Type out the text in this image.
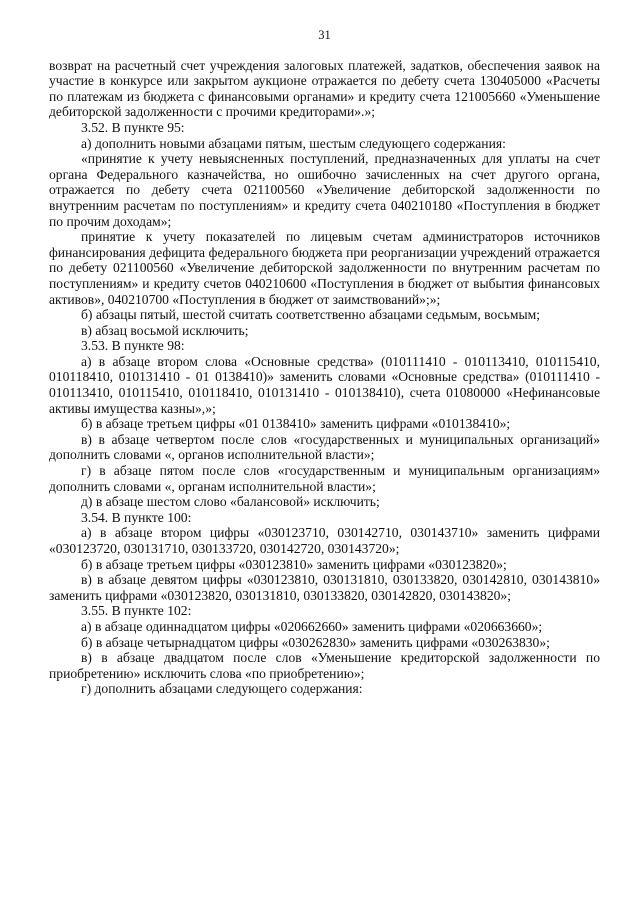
31

возврат на расчетный счет учреждения залоговых платежей, задатков, обеспечения заявок на участие в конкурсе или закрытом аукционе отражается по дебету счета 130405000 «Расчеты по платежам из бюджета с финансовыми органами» и кредиту счета 121005660 «Уменьшение дебиторской задолженности с прочими кредиторами».»;

3.52. В пункте 95:

а) дополнить новыми абзацами пятым, шестым следующего содержания:

«принятие к учету невыясненных поступлений, предназначенных для уплаты на счет органа Федерального казначейства, но ошибочно зачисленных на счет другого органа, отражается по дебету счета 021100560 «Увеличение дебиторской задолженности по внутренним расчетам по поступлениям» и кредиту счета 040210180 «Поступления в бюджет по прочим доходам»;

принятие к учету показателей по лицевым счетам администраторов источников финансирования дефицита федерального бюджета при реорганизации учреждений отражается по дебету 021100560 «Увеличение дебиторской задолженности по внутренним расчетам по поступлениям» и кредиту счетов 040210600 «Поступления в бюджет от выбытия финансовых активов», 040210700 «Поступления в бюджет от заимствований»;»;

б) абзацы пятый, шестой считать соответственно абзацами седьмым, восьмым;

в) абзац восьмой исключить;

3.53. В пункте 98:

а) в абзаце втором слова «Основные средства» (010111410 - 010113410, 010115410, 010118410, 010131410 - 01 0138410)» заменить словами «Основные средства» (010111410 - 010113410, 010115410, 010118410, 010131410 - 010138410), счета 01080000 «Нефинансовые активы имущества казны»,»;

б) в абзаце третьем цифры «01 0138410» заменить цифрами «010138410»;

в) в абзаце четвертом после слов «государственных и муниципальных организаций» дополнить словами «, органов исполнительной власти»;

г) в абзаце пятом после слов «государственным и муниципальным организациям» дополнить словами «, органам исполнительной власти»;

д) в абзаце шестом слово «балансовой» исключить;

3.54. В пункте 100:

а) в абзаце втором цифры «030123710, 030142710, 030143710» заменить цифрами «030123720, 030131710, 030133720, 030142720, 030143720»;

б) в абзаце третьем цифры «030123810» заменить цифрами «030123820»;

в) в абзаце девятом цифры «030123810, 030131810, 030133820, 030142810, 030143810» заменить цифрами «030123820, 030131810, 030133820, 030142820, 030143820»;

3.55. В пункте 102:

а) в абзаце одиннадцатом цифры «020662660» заменить цифрами «020663660»;

б) в абзаце четырнадцатом цифры «030262830» заменить цифрами «030263830»;

в) в абзаце двадцатом после слов «Уменьшение кредиторской задолженности по приобретению» исключить слова «по приобретению»;

г) дополнить абзацами следующего содержания:
